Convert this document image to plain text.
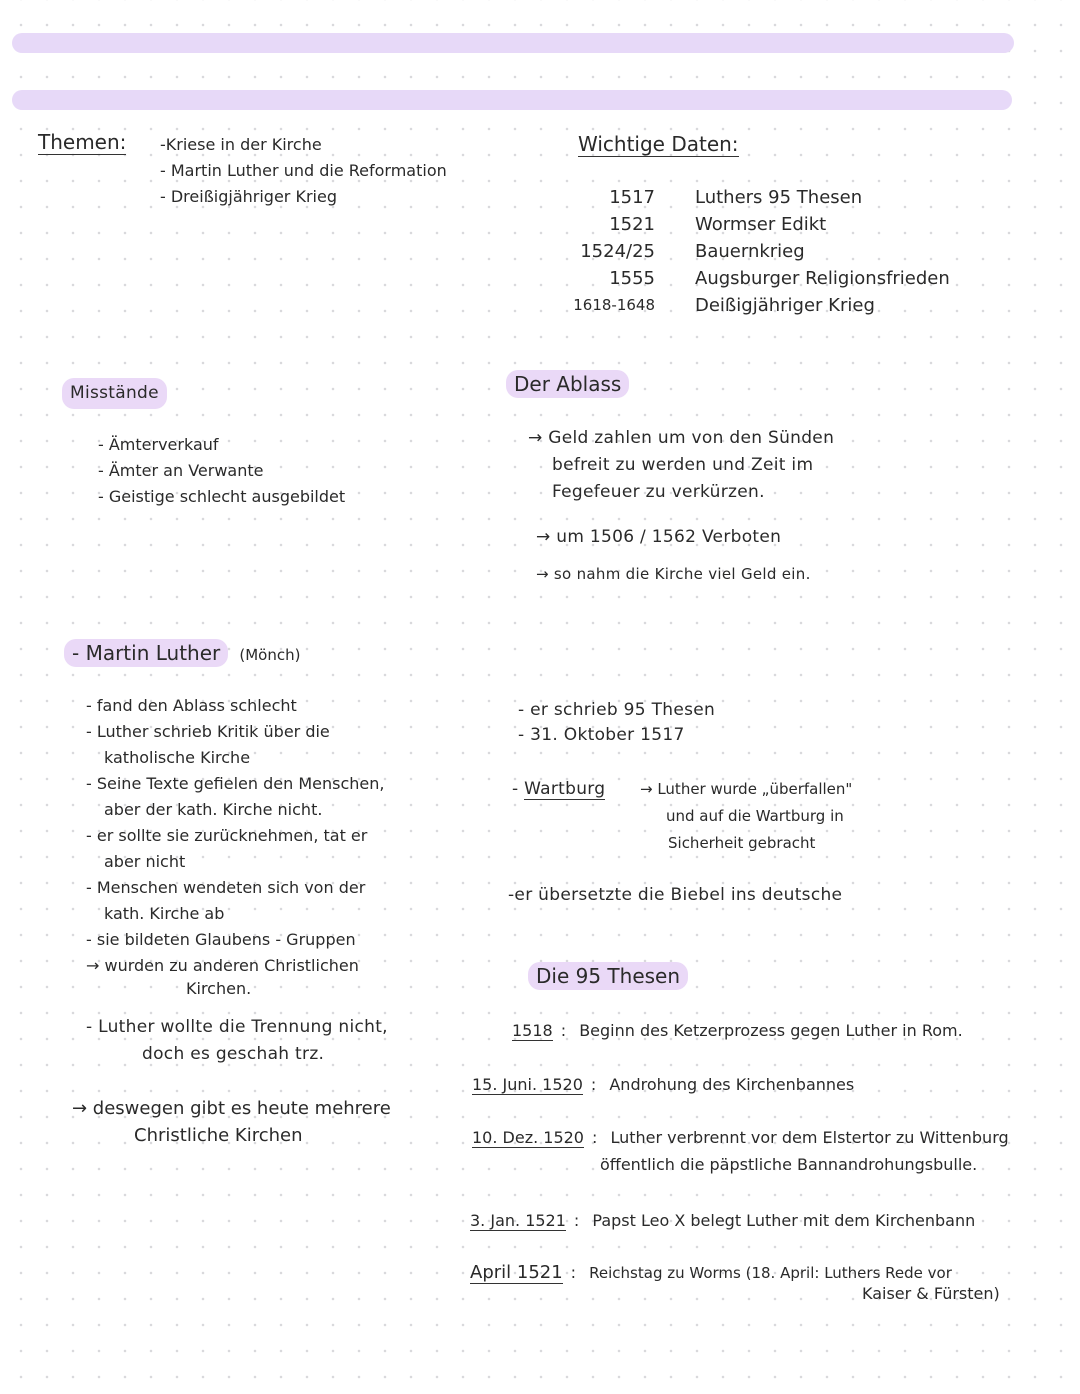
Themen: -Kriese in der Kirche
- Martin Luther und die Reformation
- Dreißigjähriger Krieg
Wichtige Daten:
1517	Luthers 95 Thesen
1521	Wormser Edikt
1524/25	Bauernkrieg
1555	Augsburger Religionsfrieden
1618-1648	Deißigjähriger Krieg
Misstände
- Ämterverkauf
- Ämter an Verwante
- Geistige schlecht ausgebildet
Der Ablass
→ Geld zahlen um von den Sünden
befreit zu werden und Zeit im
Fegefeuer zu verkürzen.
→ um 1506 / 1562 Verboten
→ so nahm die Kirche viel Geld ein.
- Martin Luther (Mönch)
- fand den Ablass schlecht
- Luther schrieb Kritik über die
katholische Kirche
- Seine Texte gefielen den Menschen,
aber der kath. Kirche nicht.
- er sollte sie zurücknehmen, tat er
aber nicht
- Menschen wendeten sich von der
kath. Kirche ab
- sie bildeten Glaubens - Gruppen
→ wurden zu anderen Christlichen
Kirchen.
- Luther wollte die Trennung nicht,
doch es geschah trz.
→ deswegen gibt es heute mehrere
Christliche Kirchen
- er schrieb 95 Thesen
- 31. Oktober 1517
- Wartburg → Luther wurde „überfallen"
und auf die Wartburg in
Sicherheit gebracht
-er übersetzte die Biebel ins deutsche
Die 95 Thesen
1518 : Beginn des Ketzerprozess gegen Luther in Rom.
15. Juni. 1520 : Androhung des Kirchenbannes
10. Dez. 1520 : Luther verbrennt vor dem Elstertor zu Wittenburg
öffentlich die päpstliche Bannandrohungsbulle.
3. Jan. 1521 : Papst Leo X belegt Luther mit dem Kirchenbann
April 1521 : Reichstag zu Worms (18. April: Luthers Rede vor
Kaiser & Fürsten)
